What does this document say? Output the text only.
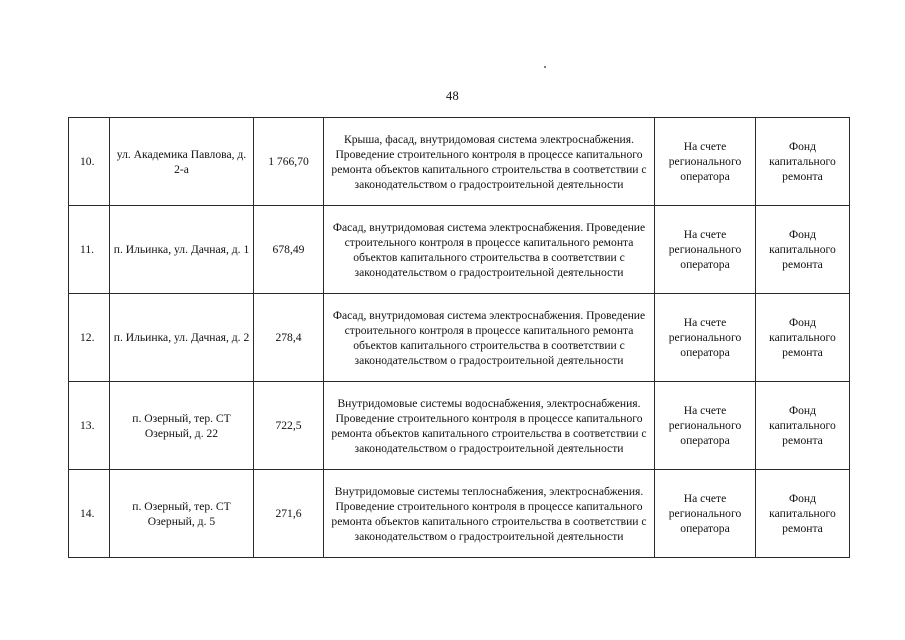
48
10.	ул. Академика Павлова, д. 2-а	1 766,70	Крыша, фасад, внутридомовая система электроснабжения. Проведение строительного контроля в процессе капитального ремонта объектов капитального строительства в соответствии с законодательством о градостроительной деятельности	На счете регионального оператора	Фонд капитального ремонта
11.	п. Ильинка, ул. Дачная, д. 1	678,49	Фасад, внутридомовая система электроснабжения. Проведение строительного контроля в процессе капитального ремонта объектов капитального строительства в соответствии с законодательством о градостроительной деятельности	На счете регионального оператора	Фонд капитального ремонта
12.	п. Ильинка, ул. Дачная, д. 2	278,4	Фасад, внутридомовая система электроснабжения. Проведение строительного контроля в процессе капитального ремонта объектов капитального строительства в соответствии с законодательством о градостроительной деятельности	На счете регионального оператора	Фонд капитального ремонта
13.	п. Озерный, тер. СТ Озерный, д. 22	722,5	Внутридомовые системы водоснабжения, электроснабжения. Проведение строительного контроля в процессе капитального ремонта объектов капитального строительства в соответствии с законодательством о градостроительной деятельности	На счете регионального оператора	Фонд капитального ремонта
14.	п. Озерный, тер. СТ Озерный, д. 5	271,6	Внутридомовые системы теплоснабжения, электроснабжения. Проведение строительного контроля в процессе капитального ремонта объектов капитального строительства в соответствии с законодательством о градостроительной деятельности	На счете регионального оператора	Фонд капитального ремонта
